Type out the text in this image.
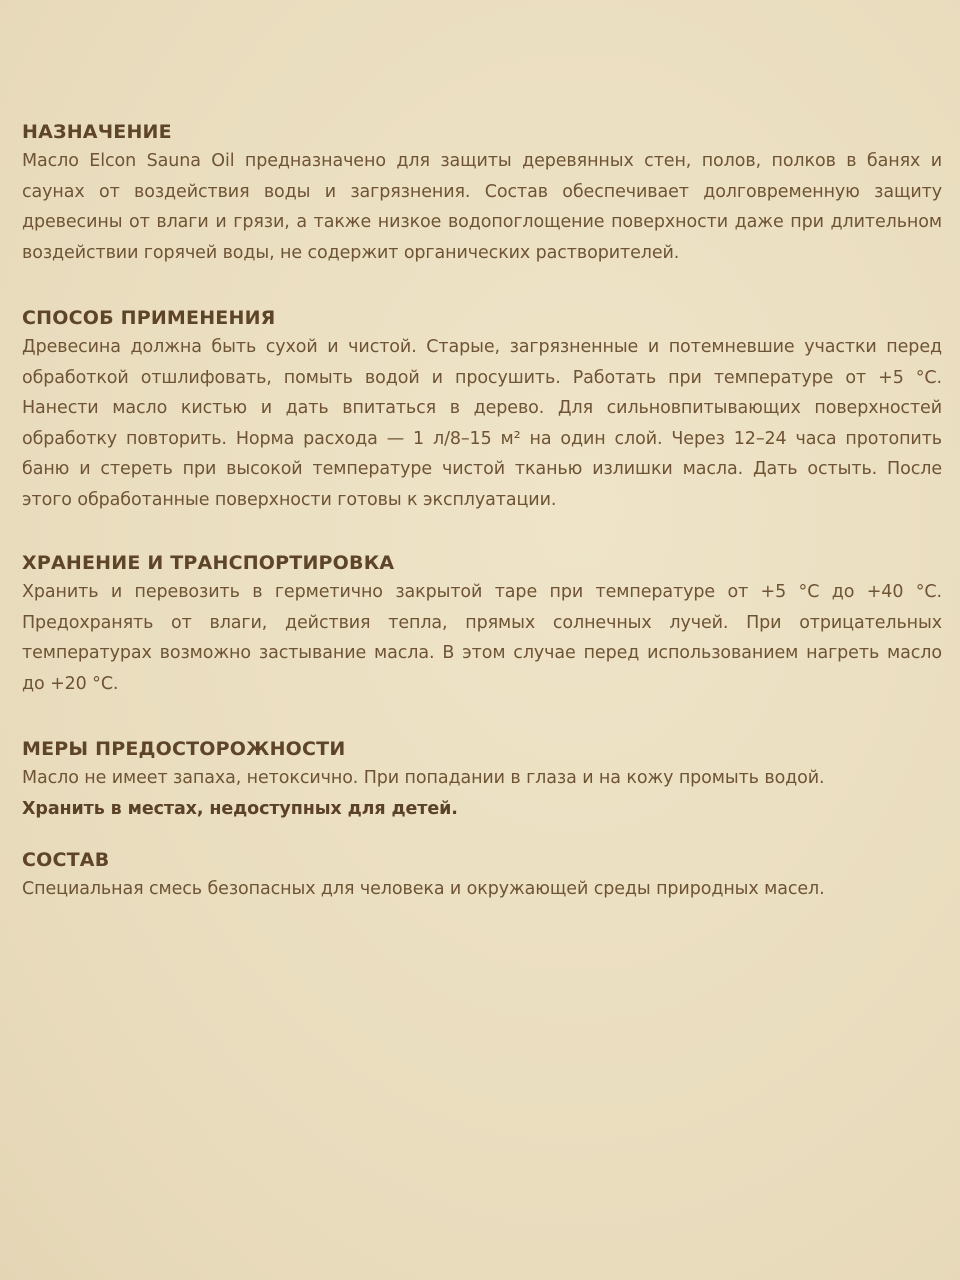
НАЗНАЧЕНИЕ

Масло Elcon Sauna Oil предназначено для защиты деревянных стен, полов, полков в банях и саунах от воздействия воды и загрязнения. Состав обеспечивает долговременную защиту древесины от влаги и грязи, а также низкое водопоглощение поверхности даже при длительном воздействии горячей воды, не содержит органических растворителей.

СПОСОБ ПРИМЕНЕНИЯ

Древесина должна быть сухой и чистой. Старые, загрязненные и потемневшие участки перед обработкой отшлифовать, помыть водой и просушить. Работать при температуре от +5 °С. Нанести масло кистью и дать впитаться в дерево. Для сильновпитывающих поверхностей обработку повторить. Норма расхода — 1 л/8–15 м² на один слой. Через 12–24 часа протопить баню и стереть при высокой температуре чистой тканью излишки масла. Дать остыть. После этого обработанные поверхности готовы к эксплуатации.

ХРАНЕНИЕ И ТРАНСПОРТИРОВКА

Хранить и перевозить в герметично закрытой таре при температуре от +5 °С до +40 °С. Предохранять от влаги, действия тепла, прямых солнечных лучей. При отрицательных температурах возможно застывание масла. В этом случае перед использованием нагреть масло до +20 °С.

МЕРЫ ПРЕДОСТОРОЖНОСТИ

Масло не имеет запаха, нетоксично. При попадании в глаза и на кожу промыть водой.

Хранить в местах, недоступных для детей.

СОСТАВ

Специальная смесь безопасных для человека и окружающей среды природных масел.
